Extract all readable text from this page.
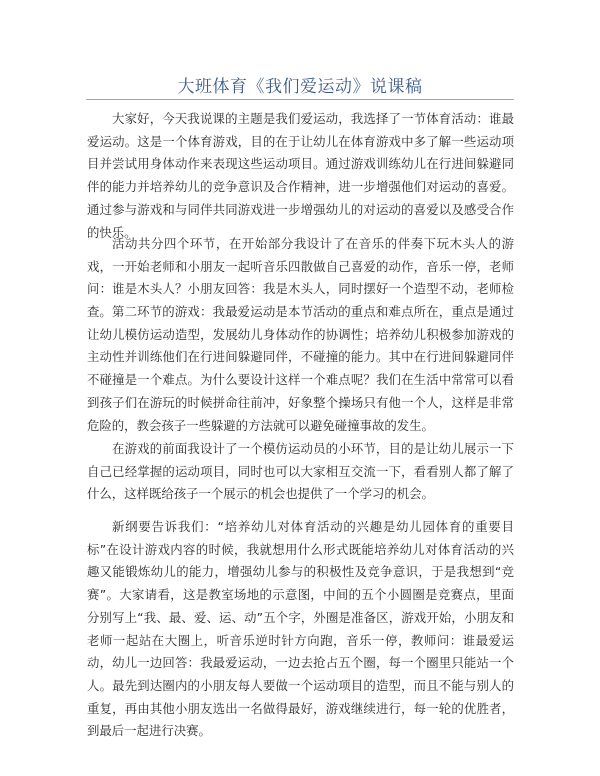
大班体育《我们爱运动》说课稿

大家好，今天我说课的主题是我们爱运动，我选择了一节体育活动：谁最爱运动。这是一个体育游戏，目的在于让幼儿在体育游戏中多了解一些运动项目并尝试用身体动作来表现这些运动项目。通过游戏训练幼儿在行进间躲避同伴的能力并培养幼儿的竞争意识及合作精神，进一步增强他们对运动的喜爱。通过参与游戏和与同伴共同游戏进一步增强幼儿的对运动的喜爱以及感受合作的快乐。

活动共分四个环节，在开始部分我设计了在音乐的伴奏下玩木头人的游戏，一开始老师和小朋友一起听音乐四散做自己喜爱的动作，音乐一停，老师问：谁是木头人？小朋友回答：我是木头人，同时摆好一个造型不动，老师检查。 第二环节的游戏：我最爱运动是本节活动的重点和难点所在，重点是通过让幼儿模仿运动造型，发展幼儿身体动作的协调性；培养幼儿积极参加游戏的主动性并训练他们在行进间躲避同伴，不碰撞的能力。其中在行进间躲避同伴不碰撞是一个难点。为什么要设计这样一个难点呢？我们在生活中常常可以看到孩子们在游玩的时候拼命往前冲，好象整个操场只有他一个人，这样是非常危险的，教会孩子一些躲避的方法就可以避免碰撞事故的发生。

在游戏的前面我设计了一个模仿运动员的小环节，目的是让幼儿展示一下自己已经掌握的运动项目，同时也可以大家相互交流一下，看看别人都了解了什么，这样既给孩子一个展示的机会也提供了一个学习的机会。

新纲要告诉我们：“培养幼儿对体育活动的兴趣是幼儿园体育的重要目标”在设计游戏内容的时候，我就想用什么形式既能培养幼儿对体育活动的兴趣又能锻炼幼儿的能力，增强幼儿参与的积极性及竞争意识，于是我想到“竞赛”。大家请看，这是教室场地的示意图，中间的五个小圆圈是竞赛点，里面分别写上“我、最、爱、运、动”五个字，外圈是准备区，游戏开始，小朋友和老师一起站在大圈上，听音乐逆时针方向跑，音乐一停，教师问：谁最爱运动，幼儿一边回答：我最爱运动，一边去抢占五个圈，每一个圈里只能站一个人。最先到达圈内的小朋友每人要做一个运动项目的造型，而且不能与别人的重复，再由其他小朋友选出一名做得最好，游戏继续进行，每一轮的优胜者，到最后一起进行决赛。
